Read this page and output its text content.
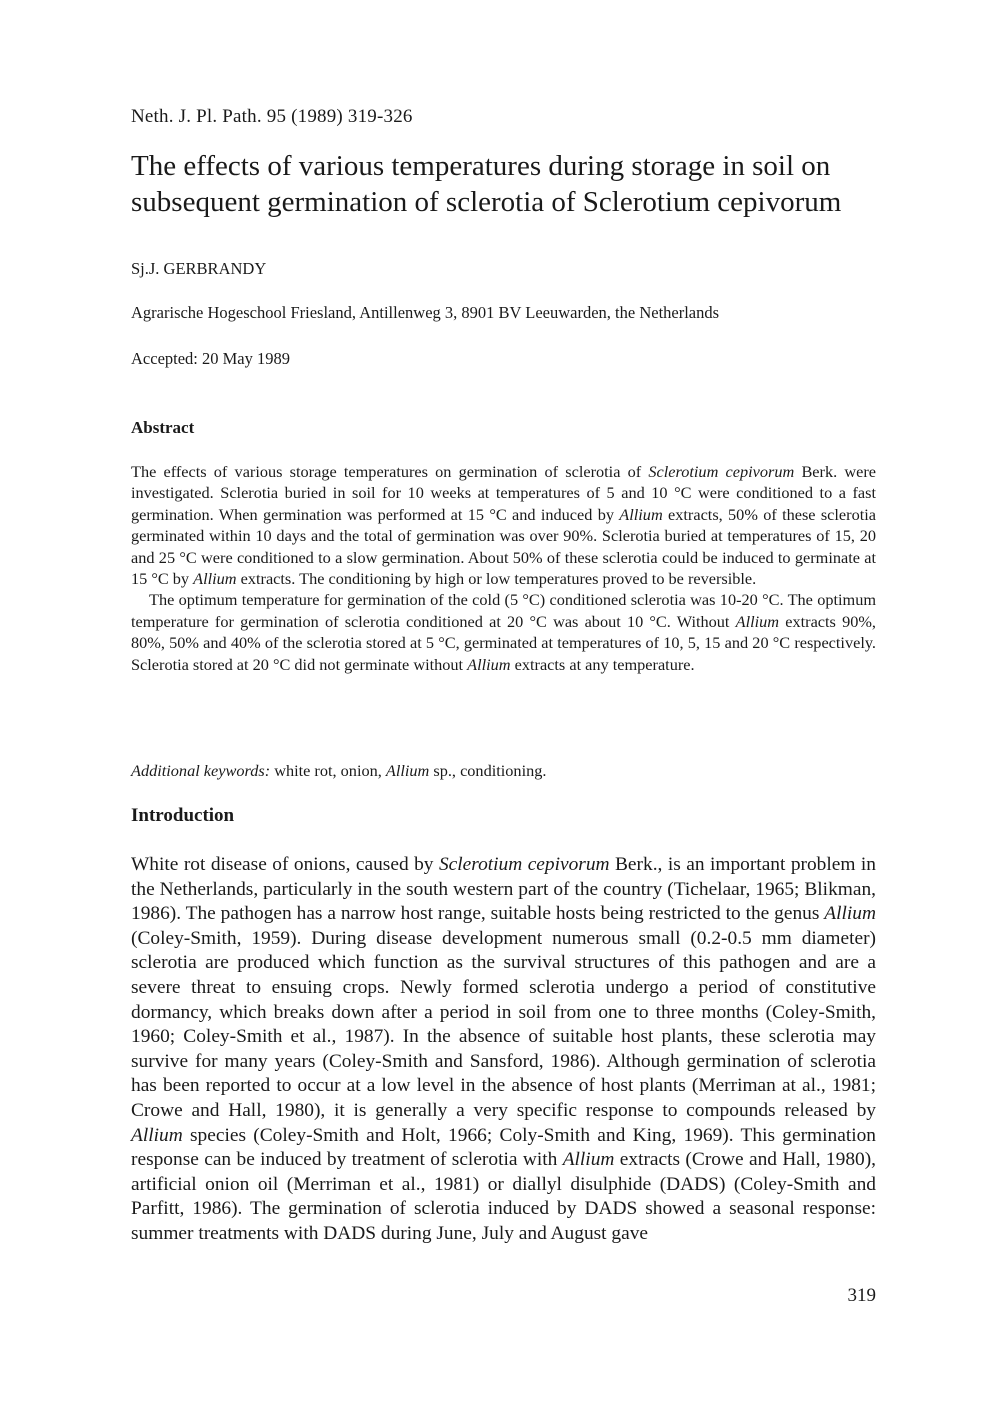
Neth. J. Pl. Path. 95 (1989) 319-326
The effects of various temperatures during storage in soil on subsequent germination of sclerotia of Sclerotium cepivorum
Sj.J. GERBRANDY
Agrarische Hogeschool Friesland, Antillenweg 3, 8901 BV Leeuwarden, the Netherlands
Accepted: 20 May 1989
Abstract

The effects of various storage temperatures on germination of sclerotia of Sclerotium cepivorum Berk. were investigated. Sclerotia buried in soil for 10 weeks at temperatures of 5 and 10 °C were conditioned to a fast germination. When germination was performed at 15 °C and induced by Allium extracts, 50% of these sclerotia germinated within 10 days and the total of germination was over 90%. Sclerotia buried at temperatures of 15, 20 and 25 °C were conditioned to a slow germination. About 50% of these sclerotia could be induced to germinate at 15 °C by Allium extracts. The conditioning by high or low temperatures proved to be reversible.

The optimum temperature for germination of the cold (5 °C) conditioned sclerotia was 10-20 °C. The optimum temperature for germination of sclerotia conditioned at 20 °C was about 10 °C. Without Allium extracts 90%, 80%, 50% and 40% of the sclerotia stored at 5 °C, germinated at temperatures of 10, 5, 15 and 20 °C respectively. Sclerotia stored at 20 °C did not germinate without Allium extracts at any temperature.

Additional keywords: white rot, onion, Allium sp., conditioning.
Introduction

White rot disease of onions, caused by Sclerotium cepivorum Berk., is an important problem in the Netherlands, particularly in the south western part of the country (Tichelaar, 1965; Blikman, 1986). The pathogen has a narrow host range, suitable hosts being restricted to the genus Allium (Coley-Smith, 1959). During disease development numerous small (0.2-0.5 mm diameter) sclerotia are produced which function as the survival structures of this pathogen and are a severe threat to ensuing crops. Newly formed sclerotia undergo a period of constitutive dormancy, which breaks down after a period in soil from one to three months (Coley-Smith, 1960; Coley-Smith et al., 1987). In the absence of suitable host plants, these sclerotia may survive for many years (Coley-Smith and Sansford, 1986). Although germination of sclerotia has been reported to occur at a low level in the absence of host plants (Merriman at al., 1981; Crowe and Hall, 1980), it is generally a very specific response to compounds released by Allium species (Coley-Smith and Holt, 1966; Coly-Smith and King, 1969). This germination response can be induced by treatment of sclerotia with Allium extracts (Crowe and Hall, 1980), artificial onion oil (Merriman et al., 1981) or diallyl disulphide (DADS) (Coley-Smith and Parfitt, 1986). The germination of sclerotia induced by DADS showed a seasonal response: summer treatments with DADS during June, July and August gave

319
